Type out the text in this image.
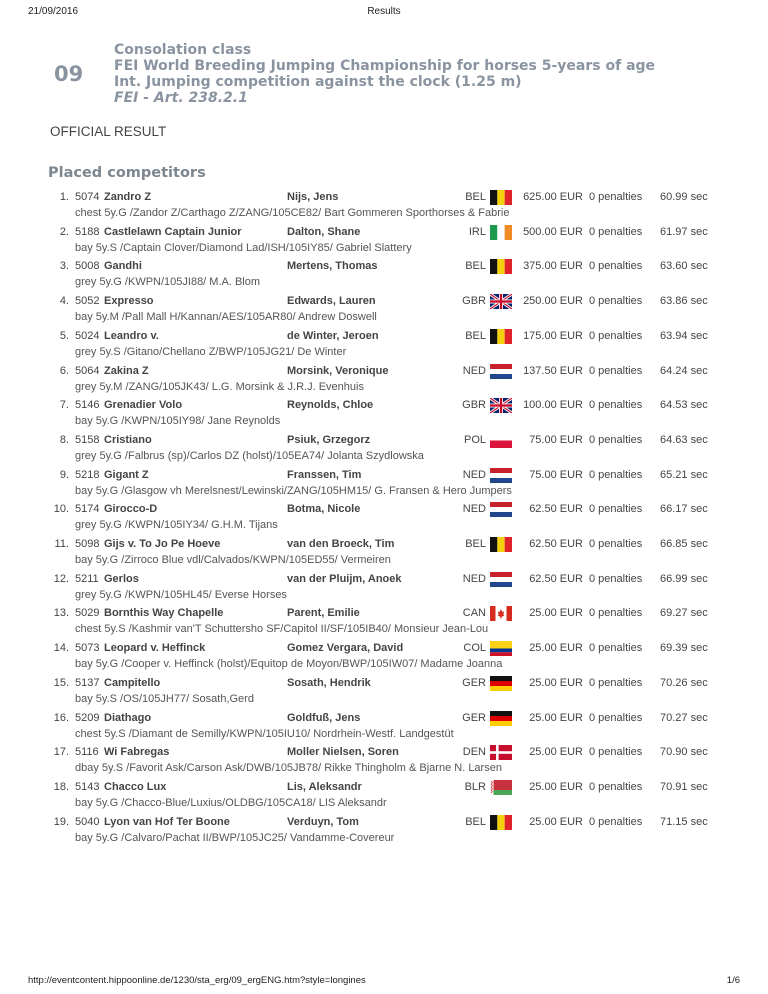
21/09/2016	Results
09
Consolation class
FEI World Breeding Jumping Championship for horses 5-years of age
Int. Jumping competition against the clock (1.25 m)
FEI - Art. 238.2.1
OFFICIAL RESULT
Placed competitors
1. 5074 Zandro Z	Nijs, Jens	BEL	625.00 EUR 0 penalties 60.99 sec
chest 5y.G /Zandor Z/Carthago Z/ZANG/105CE82/ Bart Gommeren Sporthorses & Fabrie
2. 5188 Castlelawn Captain Junior	Dalton, Shane	IRL	500.00 EUR 0 penalties 61.97 sec
bay 5y.S /Captain Clover/Diamond Lad/ISH/105IY85/ Gabriel Slattery
3. 5008 Gandhi	Mertens, Thomas	BEL	375.00 EUR 0 penalties 63.60 sec
grey 5y.G /KWPN/105JI88/ M.A. Blom
4. 5052 Expresso	Edwards, Lauren	GBR	250.00 EUR 0 penalties 63.86 sec
bay 5y.M /Pall Mall H/Kannan/AES/105AR80/ Andrew Doswell
5. 5024 Leandro v.	de Winter, Jeroen	BEL	175.00 EUR 0 penalties 63.94 sec
grey 5y.S /Gitano/Chellano Z/BWP/105JG21/ De Winter
6. 5064 Zakina Z	Morsink, Veronique	NED	137.50 EUR 0 penalties 64.24 sec
grey 5y.M /ZANG/105JK43/ L.G. Morsink & J.R.J. Evenhuis
7. 5146 Grenadier Volo	Reynolds, Chloe	GBR	100.00 EUR 0 penalties 64.53 sec
bay 5y.G /KWPN/105IY98/ Jane Reynolds
8. 5158 Cristiano	Psiuk, Grzegorz	POL	75.00 EUR 0 penalties 64.63 sec
grey 5y.G /Falbrus (sp)/Carlos DZ (holst)/105EA74/ Jolanta Szydlowska
9. 5218 Gigant Z	Franssen, Tim	NED	75.00 EUR 0 penalties 65.21 sec
bay 5y.G /Glasgow vh Merelsnest/Lewinski/ZANG/105HM15/ G. Fransen & Hero Jumpers
10. 5174 Girocco-D	Botma, Nicole	NED	62.50 EUR 0 penalties 66.17 sec
grey 5y.G /KWPN/105IY34/ G.H.M. Tijans
11. 5098 Gijs v. To Jo Pe Hoeve	van den Broeck, Tim	BEL	62.50 EUR 0 penalties 66.85 sec
bay 5y.G /Zirroco Blue vdl/Calvados/KWPN/105ED55/ Vermeiren
12. 5211 Gerlos	van der Pluijm, Anoek	NED	62.50 EUR 0 penalties 66.99 sec
grey 5y.G /KWPN/105HL45/ Everse Horses
13. 5029 Bornthis Way Chapelle	Parent, Emilie	CAN	25.00 EUR 0 penalties 69.27 sec
chest 5y.S /Kashmir van'T Schuttersho SF/Capitol II/SF/105IB40/ Monsieur Jean-Lou
14. 5073 Leopard v. Heffinck	Gomez Vergara, David	COL	25.00 EUR 0 penalties 69.39 sec
bay 5y.G /Cooper v. Heffinck (holst)/Equitop de Moyon/BWP/105IW07/ Madame Joanna
15. 5137 Campitello	Sosath, Hendrik	GER	25.00 EUR 0 penalties 70.26 sec
bay 5y.S /OS/105JH77/ Sosath,Gerd
16. 5209 Diathago	Goldfuß, Jens	GER	25.00 EUR 0 penalties 70.27 sec
chest 5y.S /Diamant de Semilly/KWPN/105IU10/ Nordrhein-Westf. Landgestüt
17. 5116 Wi Fabregas	Moller Nielsen, Soren	DEN	25.00 EUR 0 penalties 70.90 sec
dbay 5y.S /Favorit Ask/Carson Ask/DWB/105JB78/ Rikke Thingholm & Bjarne N. Larsen
18. 5143 Chacco Lux	Lis, Aleksandr	BLR	25.00 EUR 0 penalties 70.91 sec
bay 5y.G /Chacco-Blue/Luxius/OLDBG/105CA18/ LIS Aleksandr
19. 5040 Lyon van Hof Ter Boone	Verduyn, Tom	BEL	25.00 EUR 0 penalties 71.15 sec
bay 5y.G /Calvaro/Pachat II/BWP/105JC25/ Vandamme-Covereur
http://eventcontent.hippoonline.de/1230/sta_erg/09_ergENG.htm?style=longines	1/6
